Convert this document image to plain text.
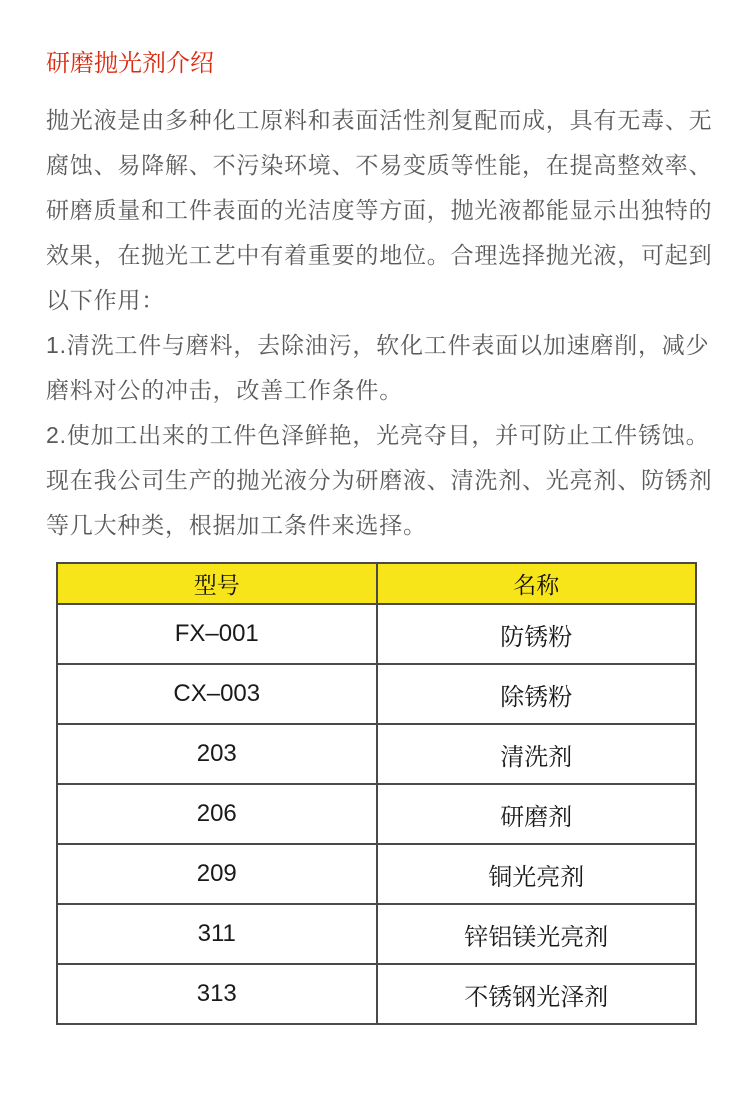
研磨抛光剂介绍
抛光液是由多种化工原料和表面活性剂复配而成，具有无毒、无
腐蚀、易降解、不污染环境、不易变质等性能，在提高整效率、
研磨质量和工件表面的光洁度等方面，抛光液都能显示出独特的
效果，在抛光工艺中有着重要的地位。合理选择抛光液，可起到
以下作用：
1.清洗工件与磨料，去除油污，软化工件表面以加速磨削，减少
磨料对公的冲击，改善工作条件。
2.使加工出来的工件色泽鲜艳，光亮夺目，并可防止工件锈蚀。
现在我公司生产的抛光液分为研磨液、清洗剂、光亮剂、防锈剂
等几大种类，根据加工条件来选择。
型号	名称
FX–001	防锈粉
CX–003	除锈粉
203	清洗剂
206	研磨剂
209	铜光亮剂
311	锌铝镁光亮剂
313	不锈钢光泽剂
